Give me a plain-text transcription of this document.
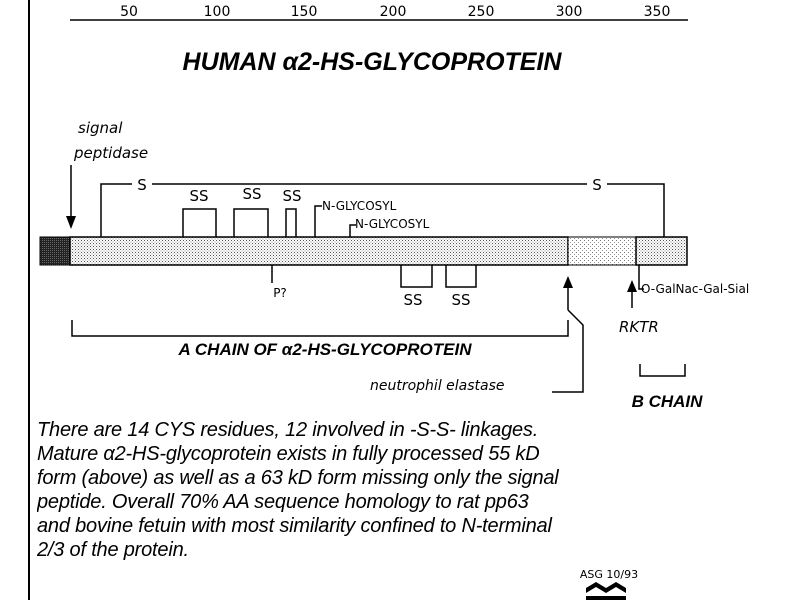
50	100	150	200	250	300	350
HUMAN α2-HS-GLYCOPROTEIN
signal
peptidase
S	S
SS SS SS
N-GLYCOSYL
N-GLYCOSYL
P?	SS SS
neutrophil elastase
O-GalNac-Gal-Sial
RKTR
A CHAIN OF α2-HS-GLYCOPROTEIN
B CHAIN
ASG 10/93
There are 14 CYS residues, 12 involved in -S-S- linkages.
Mature α2-HS-glycoprotein exists in fully processed 55 kD
form (above) as well as a 63 kD form missing only the signal
peptide. Overall 70% AA sequence homology to rat pp63
and bovine fetuin with most similarity confined to N-terminal
2/3 of the protein.
